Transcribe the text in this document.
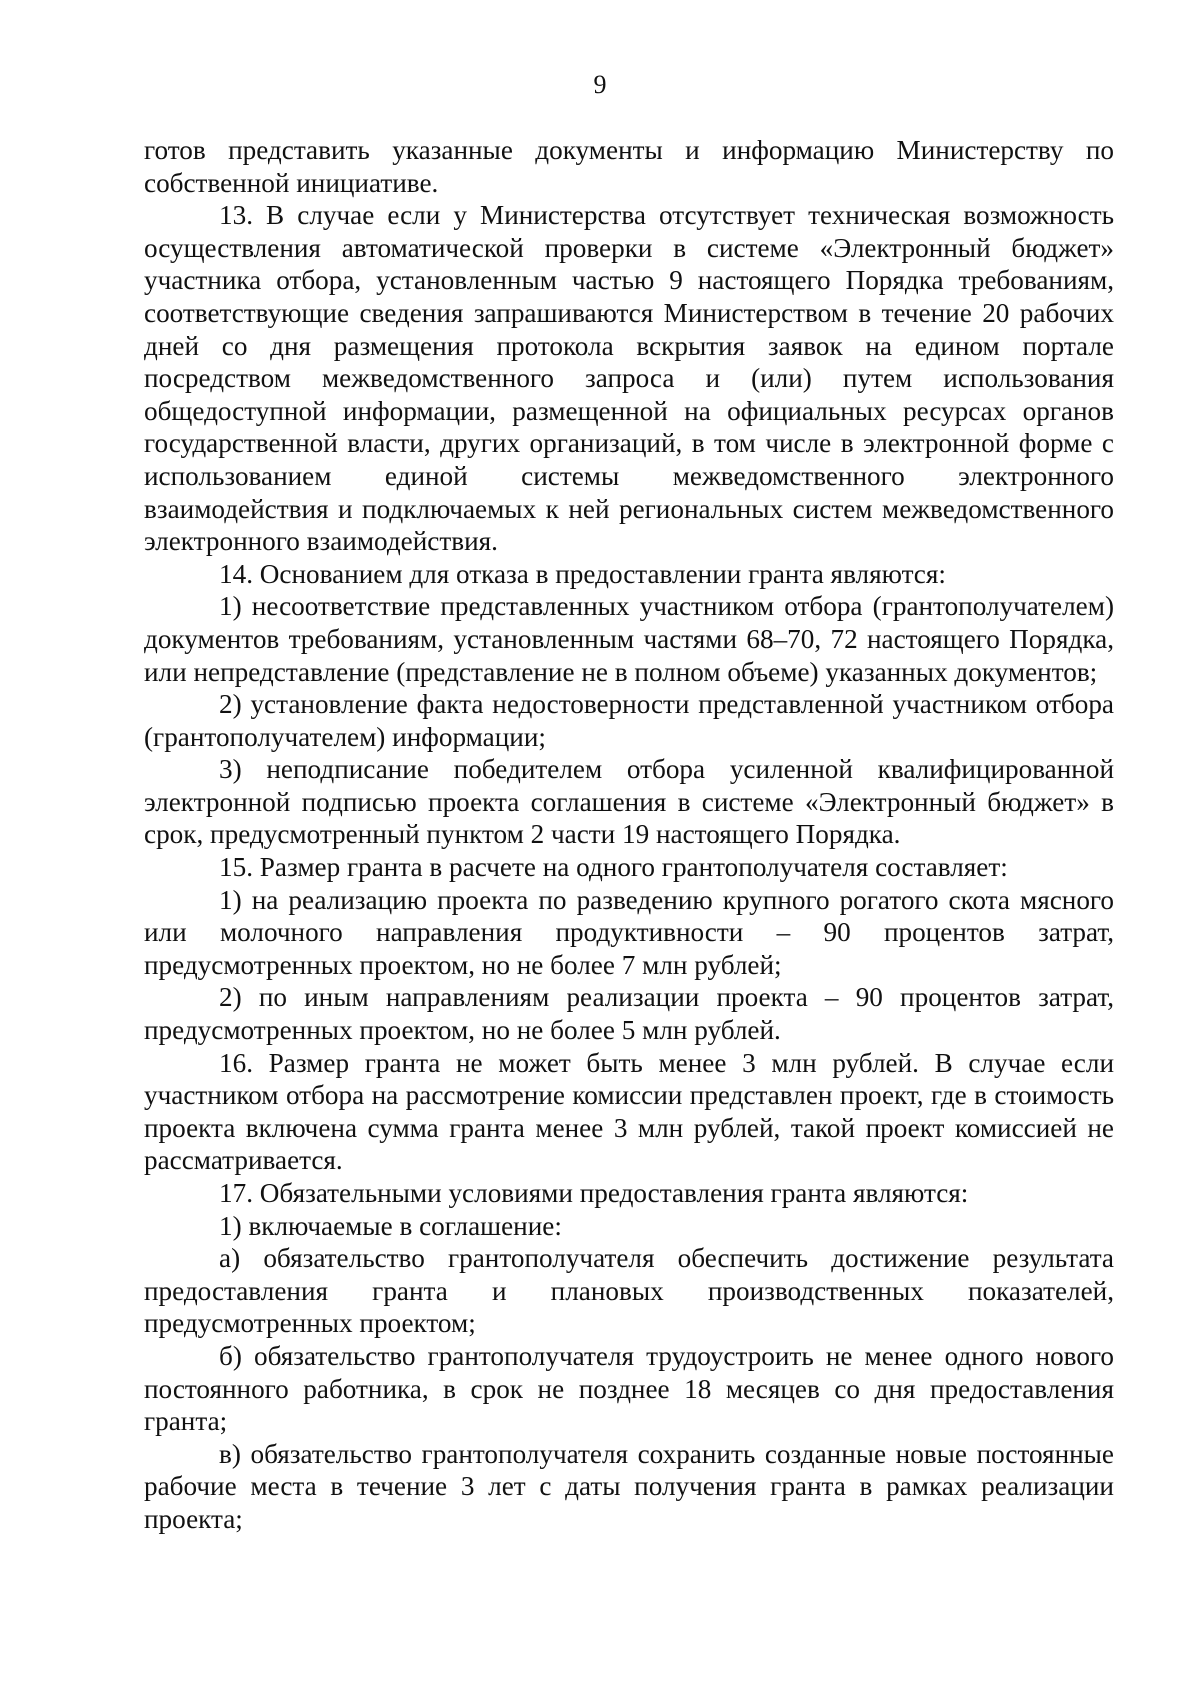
9

готов представить указанные документы и информацию Министерству по собственной инициативе.

13. В случае если у Министерства отсутствует техническая возможность осуществления автоматической проверки в системе «Электронный бюджет» участника отбора, установленным частью 9 настоящего Порядка требованиям, соответствующие сведения запрашиваются Министерством в течение 20 рабочих дней со дня размещения протокола вскрытия заявок на едином портале посредством межведомственного запроса и (или) путем использования общедоступной информации, размещенной на официальных ресурсах органов государственной власти, других организаций, в том числе в электронной форме с использованием единой системы межведомственного электронного взаимодействия и подключаемых к ней региональных систем межведомственного электронного взаимодействия.

14. Основанием для отказа в предоставлении гранта являются:

1) несоответствие представленных участником отбора (грантополучателем) документов требованиям, установленным частями 68–70, 72 настоящего Порядка, или непредставление (представление не в полном объеме) указанных документов;

2) установление факта недостоверности представленной участником отбора (грантополучателем) информации;

3) неподписание победителем отбора усиленной квалифицированной электронной подписью проекта соглашения в системе «Электронный бюджет» в срок, предусмотренный пунктом 2 части 19 настоящего Порядка.

15. Размер гранта в расчете на одного грантополучателя составляет:

1) на реализацию проекта по разведению крупного рогатого скота мясного или молочного направления продуктивности – 90 процентов затрат, предусмотренных проектом, но не более 7 млн рублей;

2) по иным направлениям реализации проекта – 90 процентов затрат, предусмотренных проектом, но не более 5 млн рублей.

16. Размер гранта не может быть менее 3 млн рублей. В случае если участником отбора на рассмотрение комиссии представлен проект, где в стоимость проекта включена сумма гранта менее 3 млн рублей, такой проект комиссией не рассматривается.

17. Обязательными условиями предоставления гранта являются:

1) включаемые в соглашение:

а) обязательство грантополучателя обеспечить достижение результата предоставления гранта и плановых производственных показателей, предусмотренных проектом;

б) обязательство грантополучателя трудоустроить не менее одного нового постоянного работника, в срок не позднее 18 месяцев со дня предоставления гранта;

в) обязательство грантополучателя сохранить созданные новые постоянные рабочие места в течение 3 лет с даты получения гранта в рамках реализации проекта;
